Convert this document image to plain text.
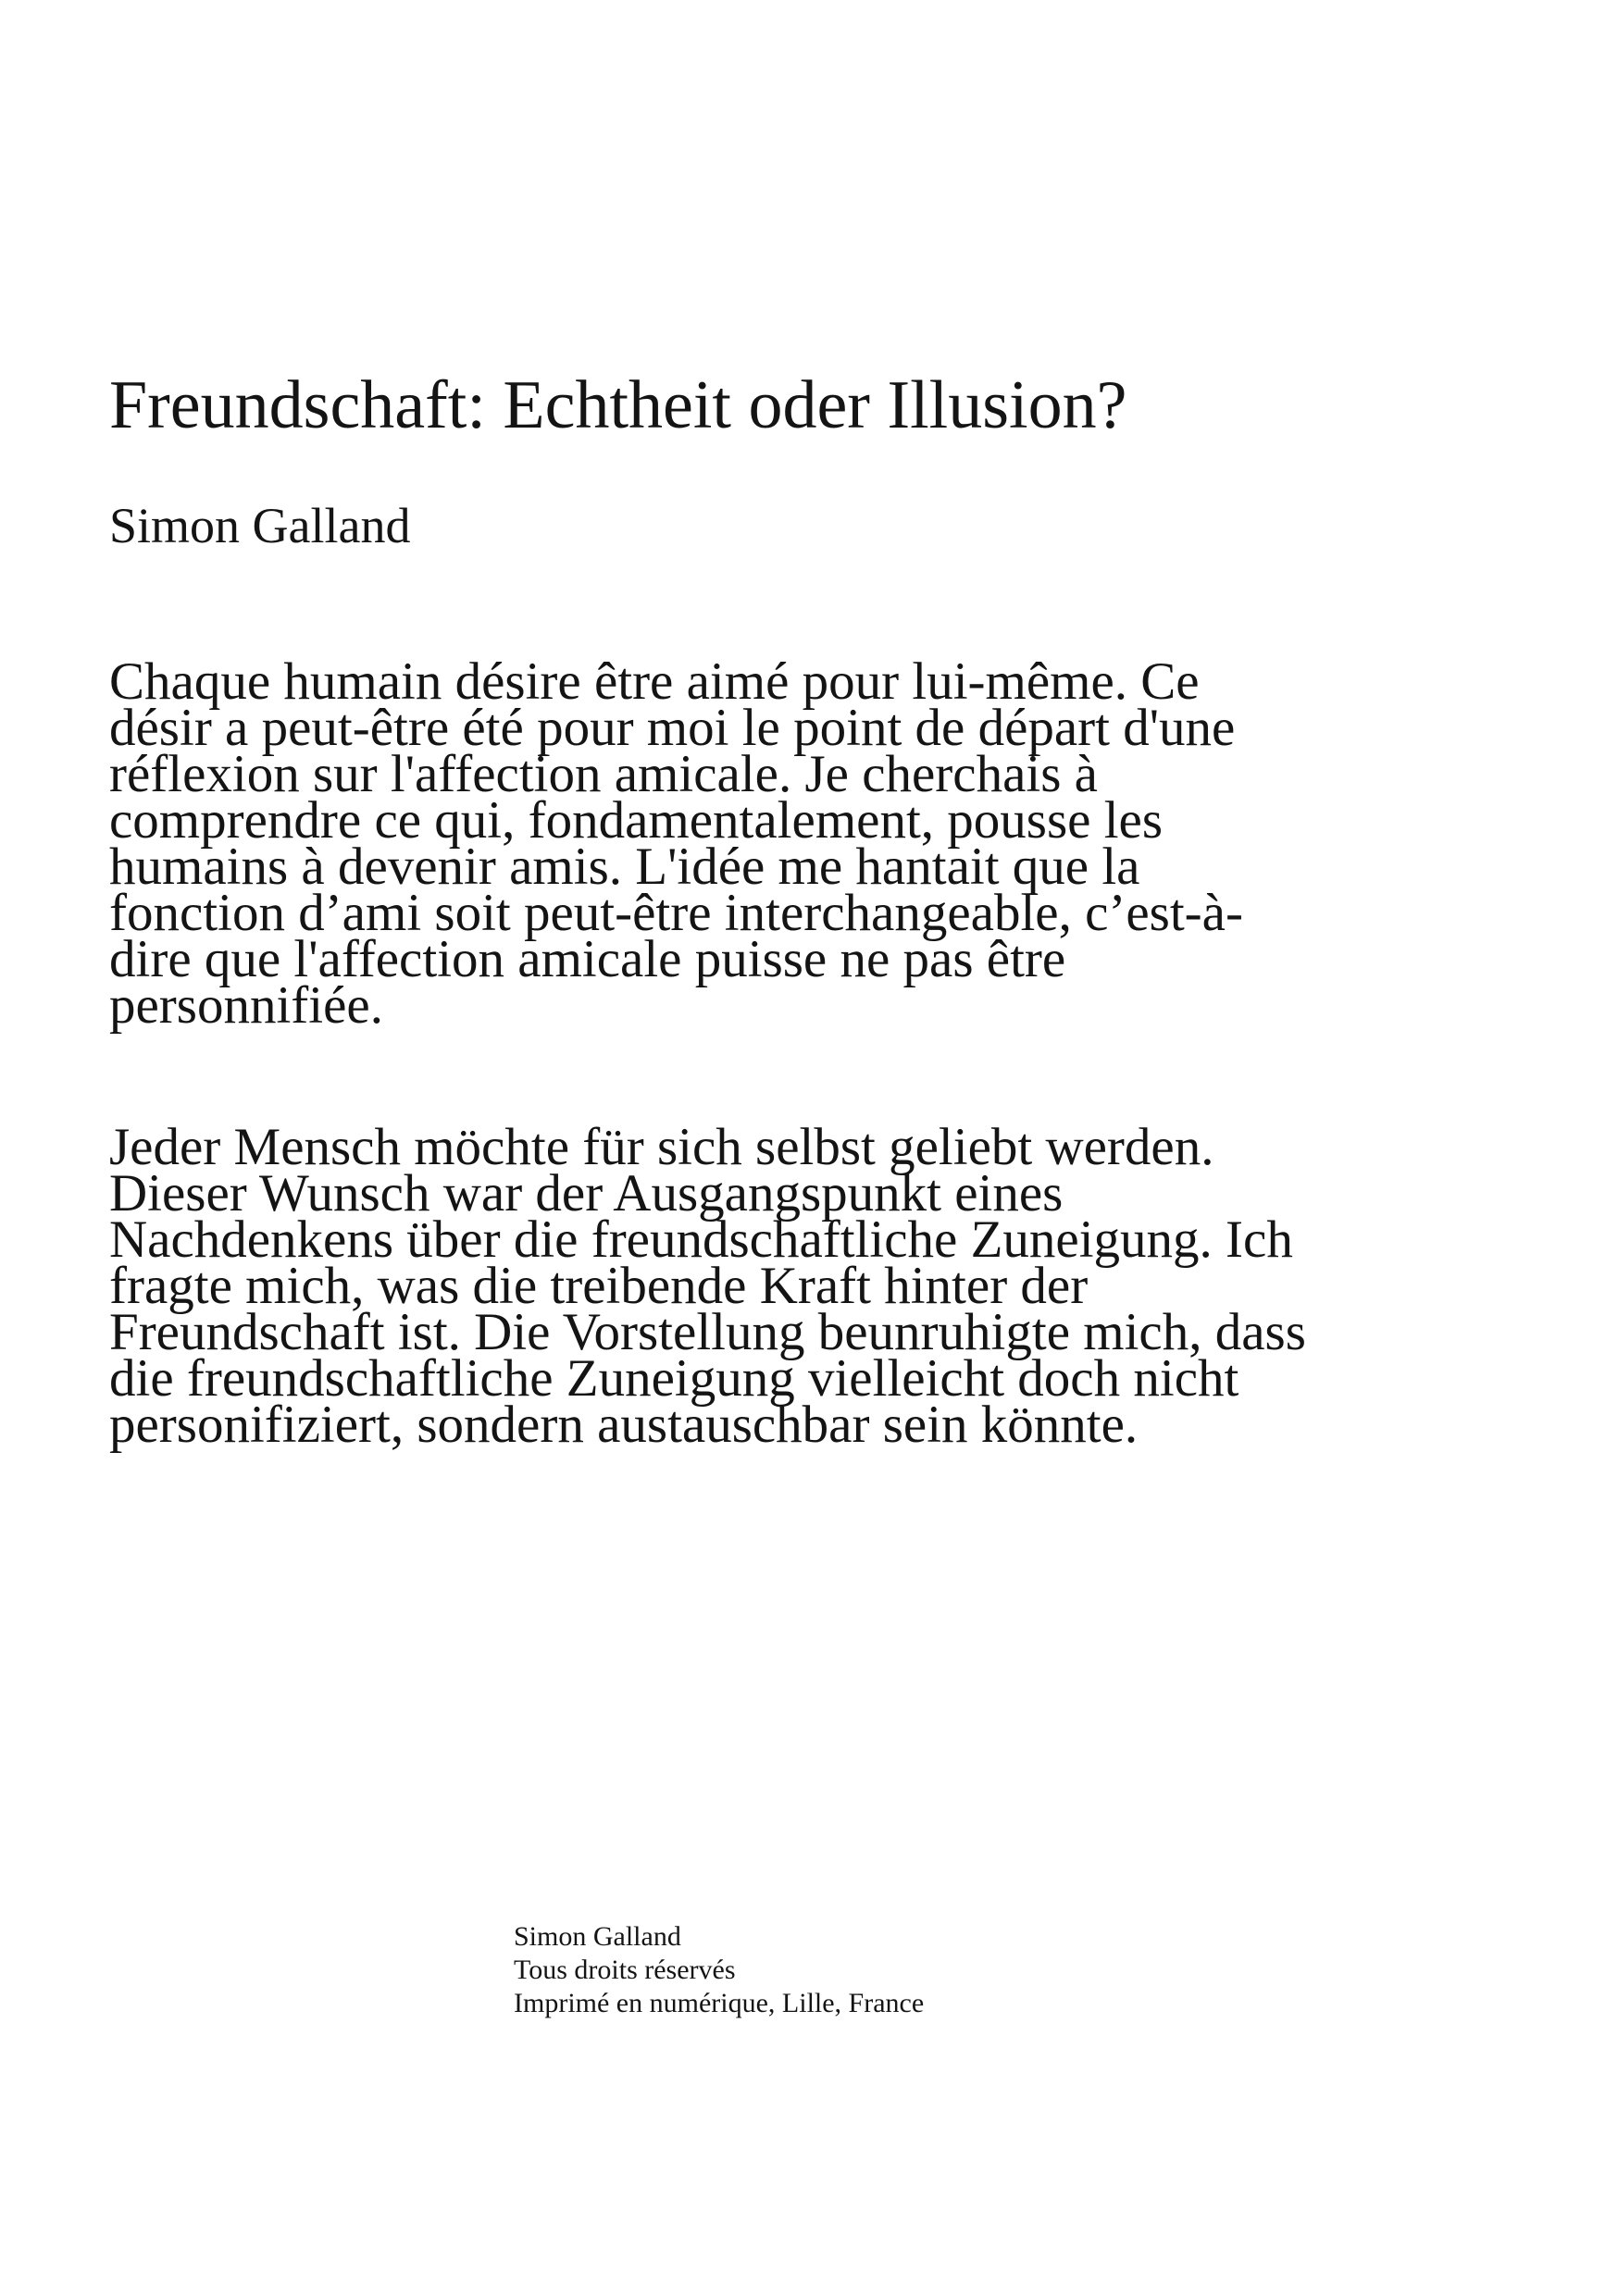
Freundschaft: Echtheit oder Illusion?

Simon Galland

Chaque humain désire être aimé pour lui-même. Ce désir a peut-être été pour moi le point de départ d'une réflexion sur l'affection amicale. Je cherchais à comprendre ce qui, fondamentalement, pousse les humains à devenir amis. L'idée me hantait que la fonction d’ami soit peut-être interchangeable, c’est-à-dire que l'affection amicale puisse ne pas être personnifiée.

Jeder Mensch möchte für sich selbst geliebt werden. Dieser Wunsch war der Ausgangspunkt eines Nachdenkens über die freundschaftliche Zuneigung. Ich fragte mich, was die treibende Kraft hinter der Freundschaft ist. Die Vorstellung beunruhigte mich, dass die freundschaftliche Zuneigung vielleicht doch nicht personifiziert, sondern austauschbar sein könnte.

Simon Galland
Tous droits réservés
Imprimé en numérique, Lille, France
